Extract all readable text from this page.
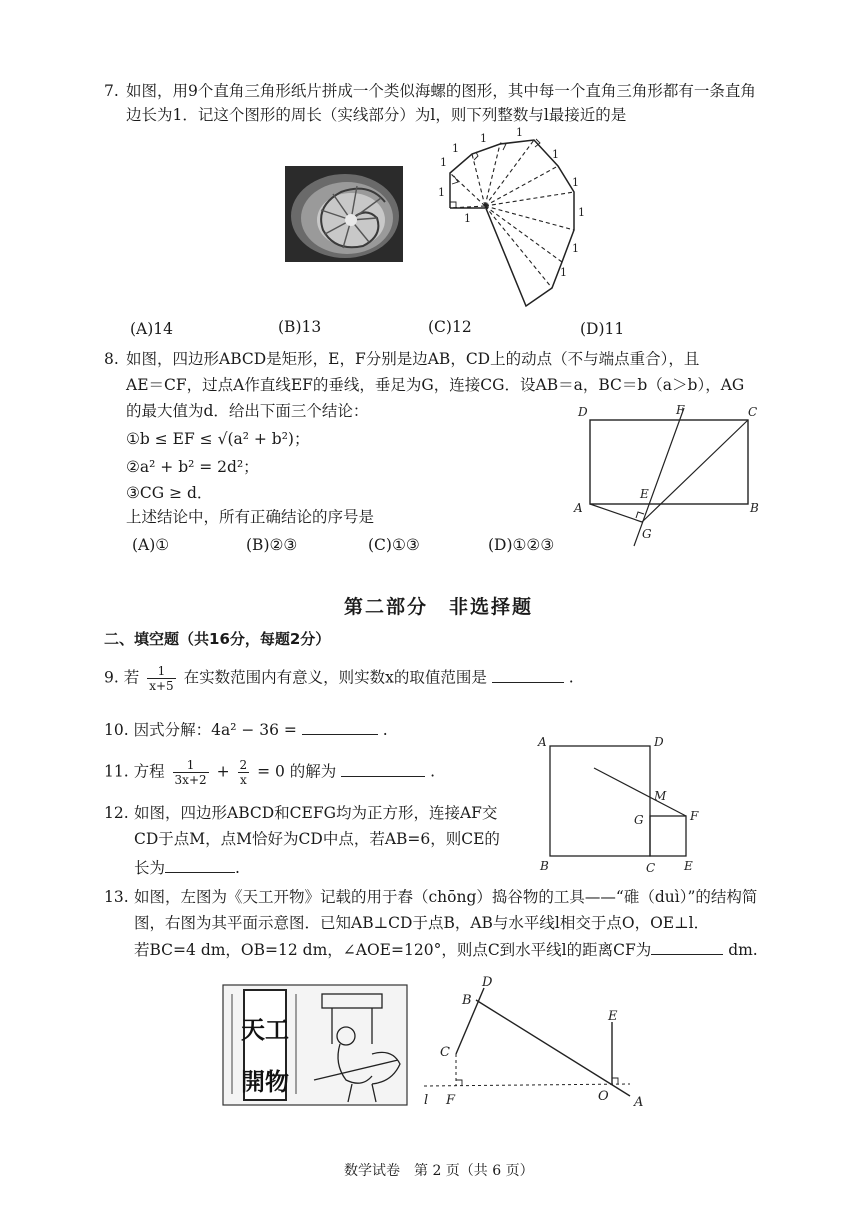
7. 如图，用9个直角三角形纸片拼成一个类似海螺的图形，其中每一个直角三角形都有一条直角
边长为1．记这个图形的周长（实线部分）为l，则下列整数与l最接近的是
1
1
1
1	1
1
1
1
1
1
1
(A)14	(B)13	(C)12	(D)11
8. 如图，四边形ABCD是矩形，E，F分别是边AB，CD上的动点（不与端点重合），且
AE＝CF，过点A作直线EF的垂线，垂足为G，连接CG．设AB＝a，BC＝b（a＞b），AG
的最大值为d．给出下面三个结论：
①b ≤ EF ≤ √(a² + b²)；
②a² + b² = 2d²；
③CG ≥ d．
上述结论中，所有正确结论的序号是
(A)①	(B)②③	(C)①③	(D)①②③
D	F	C
A
E
B
G
第二部分　非选择题
二、填空题（共16分，每题2分）
9. 若 $\frac{1}{x+5}$ 在实数范围内有意义，则实数x的取值范围是	.
10. 因式分解：4a² − 36 =	.
11. 方程 $\frac{1}{3x+2} + \frac{2}{x} = 0$ 的解为	.
12. 如图，四边形ABCD和CEFG均为正方形，连接AF交
CD于点M，点M恰好为CD中点，若AB=6，则CE的
长为	.
A	D
M
G	F
B	C E
13. 如图，左图为《天工开物》记载的用于舂（chōng）捣谷物的工具——“碓（duì）”的结构简
图，右图为其平面示意图．已知AB⊥CD于点B，AB与水平线l相交于点O，OE⊥l．
若BC=4 dm，OB=12 dm，∠AOE=120°，则点C到水平线l的距离CF为	dm.
天工
開物
D
B
C
E
l F	O A
数学试卷　第 2 页（共 6 页）
